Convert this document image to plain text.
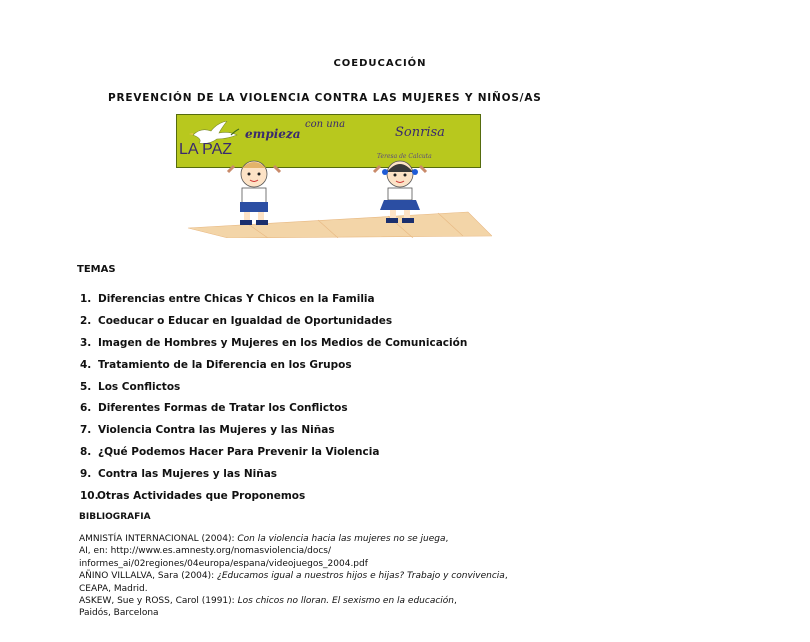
COEDUCACIÓN
PREVENCIÓN DE LA VIOLENCIA CONTRA LAS MUJERES Y NIÑOS/AS
empieza
con una
Sonrisa
LA PAZ	Teresa de Calcuta
TEMAS
1. Diferencias entre Chicas Y Chicos en la Familia
2. Coeducar o Educar en Igualdad de Oportunidades
3. Imagen de Hombres y Mujeres en los Medios de Comunicación
4. Tratamiento de la Diferencia en los Grupos
5. Los Conflictos
6. Diferentes Formas de Tratar los Conflictos
7. Violencia Contra las Mujeres y las Niñas
8. ¿Qué Podemos Hacer Para Prevenir la Violencia
9. Contra las Mujeres y las Niñas
10.Otras Actividades que Proponemos
BIBLIOGRAFIA

AMNISTÍA INTERNACIONAL (2004): Con la violencia hacia las mujeres no se juega,
AI, en: http://www.es.amnesty.org/nomasviolencia/docs/
informes_ai/02regiones/04europa/espana/videojuegos_2004.pdf

AÑINO VILLALVA, Sara (2004): ¿Educamos igual a nuestros hijos e hijas? Trabajo y convivencia, CEAPA, Madrid.

ASKEW, Sue y ROSS, Carol (1991): Los chicos no lloran. El sexismo en la educación,
Paidós, Barcelona
